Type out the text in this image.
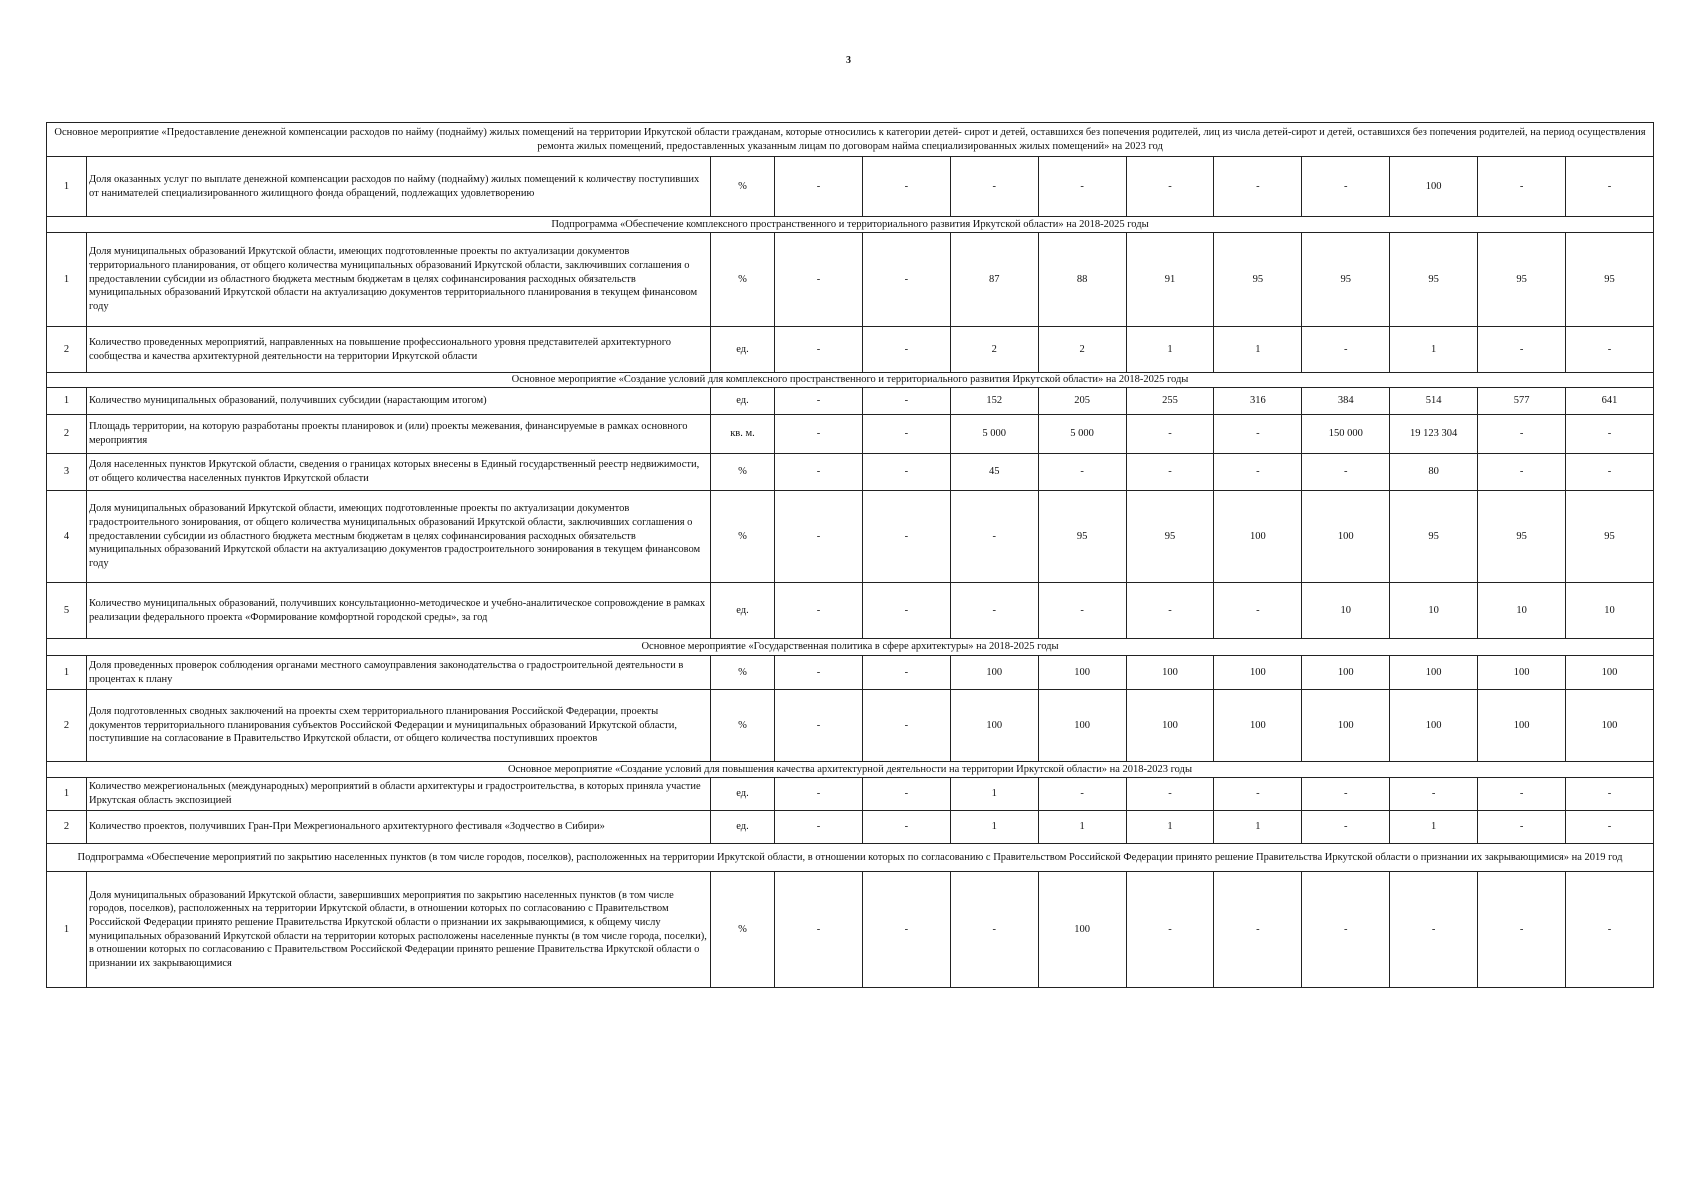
3
Основное мероприятие «Предоставление денежной компенсации расходов по найму (поднайму) жилых помещений на территории Иркутской области гражданам, которые относились к категории детей- сирот и детей, оставшихся без попечения родителей, лиц из числа детей-сирот и детей, оставшихся без попечения родителей, на период осуществления ремонта жилых помещений, предоставленных указанным лицам по договорам найма специализированных жилых помещений» на 2023 год												
1	Доля оказанных услуг по выплате денежной компенсации расходов по найму (поднайму) жилых помещений к количеству поступивших от нанимателей специализированного жилищного фонда обращений, подлежащих удовлетворению	%	-	-	-	-	-	-	-	100	-	-
Подпрограмма «Обеспечение комплексного пространственного и территориального развития Иркутской области» на 2018-2025 годы												
1	Доля муниципальных образований Иркутской области, имеющих подготовленные проекты по актуализации документов территориального планирования, от общего количества муниципальных образований Иркутской области, заключивших соглашения о предоставлении субсидии из областного бюджета местным бюджетам в целях софинансирования расходных обязательств муниципальных образований Иркутской области на актуализацию документов территориального планирования в текущем финансовом году	%	-	-	87	88	91	95	95	95	95	95
2	Количество проведенных мероприятий, направленных на повышение профессионального уровня представителей архитектурного сообщества и качества архитектурной деятельности на территории Иркутской области	ед.	-	-	2	2	1	1	-	1	-	-
Основное мероприятие «Создание условий для комплексного пространственного и территориального развития Иркутской области» на 2018-2025 годы												
1	Количество муниципальных образований, получивших субсидии (нарастающим итогом)	ед.	-	-	152	205	255	316	384	514	577	641
2	Площадь территории, на которую разработаны проекты планировок и (или) проекты межевания, финансируемые в рамках основного мероприятия	кв. м.	-	-	5 000	5 000	-	-	150 000	19 123 304	-	-
3	Доля населенных пунктов Иркутской области, сведения о границах которых внесены в Единый государственный реестр недвижимости, от общего количества населенных пунктов Иркутской области	%	-	-	45	-	-	-	-	80	-	-
4	Доля муниципальных образований Иркутской области, имеющих подготовленные проекты по актуализации документов градостроительного зонирования, от общего количества муниципальных образований Иркутской области, заключивших соглашения о предоставлении субсидии из областного бюджета местным бюджетам в целях софинансирования расходных обязательств муниципальных образований Иркутской области на актуализацию документов градостроительного зонирования в текущем финансовом году	%	-	-	-	95	95	100	100	95	95	95
5	Количество муниципальных образований, получивших консультационно-методическое и учебно-аналитическое сопровождение в рамках реализации федерального проекта «Формирование комфортной городской среды», за год	ед.	-	-	-	-	-	-	10	10	10	10
Основное мероприятие «Государственная политика в сфере архитектуры» на 2018-2025 годы												
1	Доля проведенных проверок соблюдения органами местного самоуправления законодательства о градостроительной деятельности в процентах к плану	%	-	-	100	100	100	100	100	100	100	100
2	Доля подготовленных сводных заключений на проекты схем территориального планирования Российской Федерации, проекты документов территориального планирования субъектов Российской Федерации и муниципальных образований Иркутской области, поступившие на согласование в Правительство Иркутской области, от общего количества поступивших проектов	%	-	-	100	100	100	100	100	100	100	100
Основное мероприятие «Создание условий для повышения качества архитектурной деятельности на территории Иркутской области» на 2018-2023 годы												
1	Количество межрегиональных (международных) мероприятий в области архитектуры и градостроительства, в которых приняла участие Иркутская область экспозицией	ед.	-	-	1	-	-	-	-	-	-	-
2	Количество проектов, получивших Гран-При Межрегионального архитектурного фестиваля «Зодчество в Сибири»	ед.	-	-	1	1	1	1	-	1	-	-
Подпрограмма «Обеспечение мероприятий по закрытию населенных пунктов (в том числе городов, поселков), расположенных на территории Иркутской области, в отношении которых по согласованию с Правительством Российской Федерации принято решение Правительства Иркутской области о признании их закрывающимися» на 2019 год												
1	Доля муниципальных образований Иркутской области, завершивших мероприятия по закрытию населенных пунктов (в том числе городов, поселков), расположенных на территории Иркутской области, в отношении которых по согласованию с Правительством Российской Федерации принято решение Правительства Иркутской области о признании их закрывающимися, к общему числу муниципальных образований Иркутской области на территории которых расположены населенные пункты (в том числе города, поселки), в отношении которых по согласованию с Правительством Российской Федерации принято решение Правительства Иркутской области о признании их закрывающимися	%	-	-	-	100	-	-	-	-	-	-
